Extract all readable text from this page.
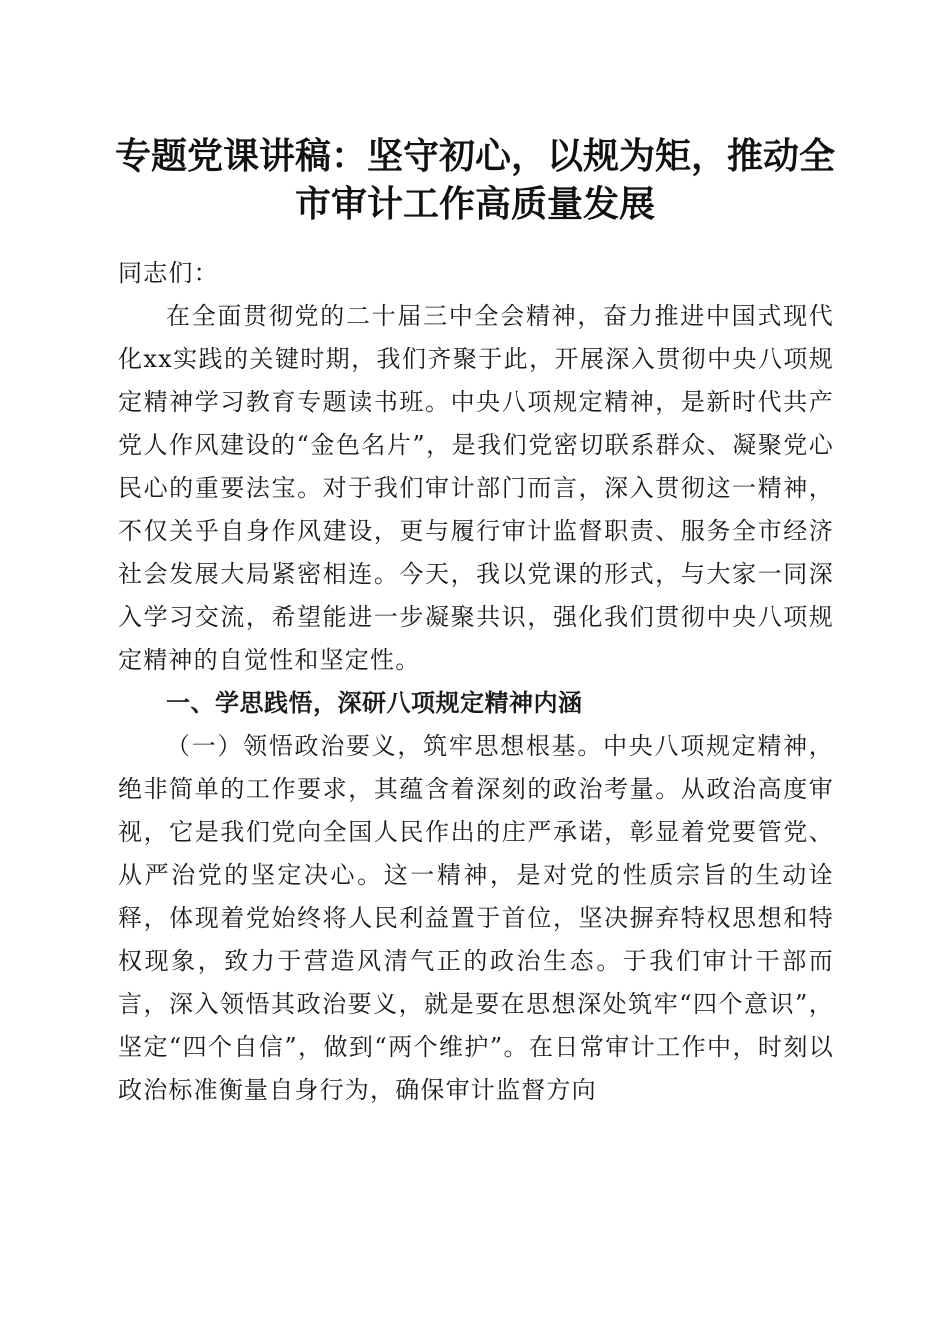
专题党课讲稿：坚守初心，以规为矩，推动全
市审计工作高质量发展

同志们：

在全面贯彻党的二十届三中全会精神，奋力推进中国式现代化xx实践的关键时期，我们齐聚于此，开展深入贯彻中央八项规定精神学习教育专题读书班。中央八项规定精神，是新时代共产党人作风建设的“金色名片”，是我们党密切联系群众、凝聚党心民心的重要法宝。对于我们审计部门而言，深入贯彻这一精神，不仅关乎自身作风建设，更与履行审计监督职责、服务全市经济社会发展大局紧密相连。今天，我以党课的形式，与大家一同深入学习交流，希望能进一步凝聚共识，强化我们贯彻中央八项规定精神的自觉性和坚定性。

一、学思践悟，深研八项规定精神内涵

（一）领悟政治要义，筑牢思想根基。中央八项规定精神，绝非简单的工作要求，其蕴含着深刻的政治考量。从政治高度审视，它是我们党向全国人民作出的庄严承诺，彰显着党要管党、从严治党的坚定决心。这一精神，是对党的性质宗旨的生动诠释，体现着党始终将人民利益置于首位，坚决摒弃特权思想和特权现象，致力于营造风清气正的政治生态。于我们审计干部而言，深入领悟其政治要义，就是要在思想深处筑牢“四个意识”，坚定“四个自信”，做到“两个维护”。在日常审计工作中，时刻以政治标准衡量自身行为，确保审计监督方向
